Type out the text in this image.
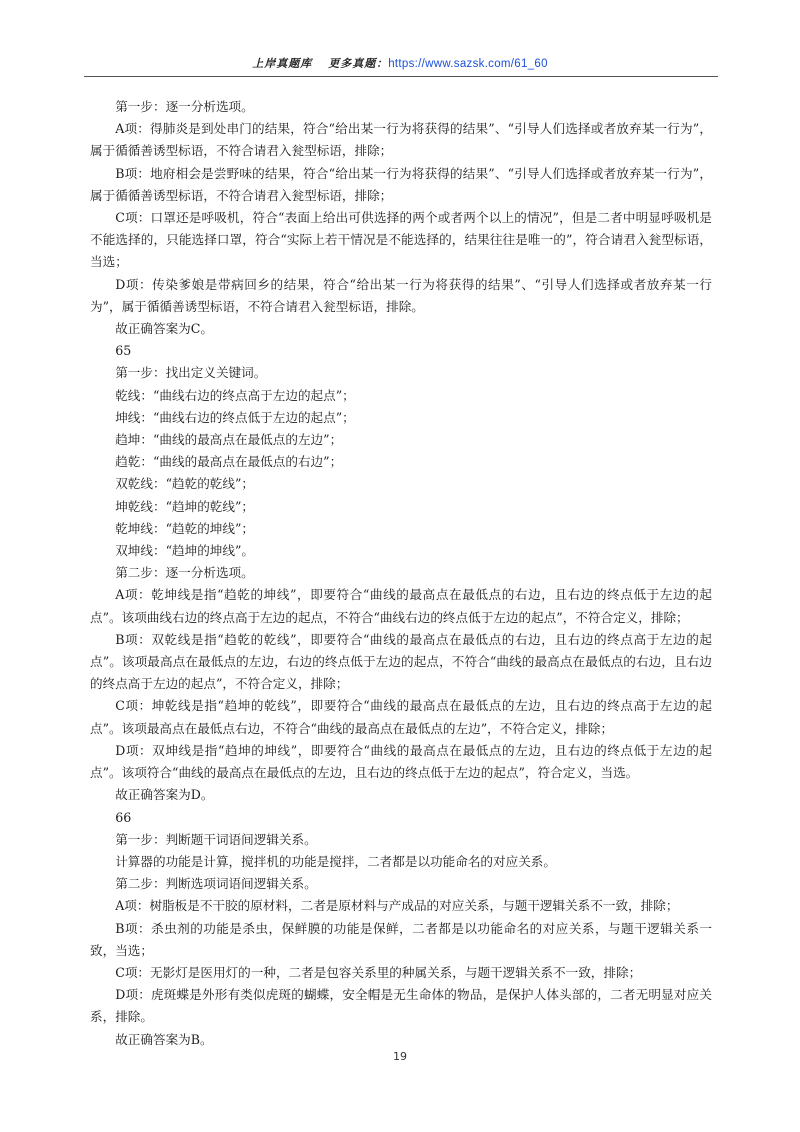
上岸真题库 更多真题：https://www.sazsk.com/61_60

第一步：逐一分析选项。

A项：得肺炎是到处串门的结果，符合“给出某一行为将获得的结果”、“引导人们选择或者放弃某一行为”，属于循循善诱型标语，不符合请君入瓮型标语，排除；

B项：地府相会是尝野味的结果，符合“给出某一行为将获得的结果”、“引导人们选择或者放弃某一行为”，属于循循善诱型标语，不符合请君入瓮型标语，排除；

C项：口罩还是呼吸机，符合“表面上给出可供选择的两个或者两个以上的情况”，但是二者中明显呼吸机是不能选择的，只能选择口罩，符合“实际上若干情况是不能选择的，结果往往是唯一的”，符合请君入瓮型标语，当选；

D项：传染爹娘是带病回乡的结果，符合“给出某一行为将获得的结果”、“引导人们选择或者放弃某一行为”，属于循循善诱型标语，不符合请君入瓮型标语，排除。

故正确答案为C。

65

第一步：找出定义关键词。

乾线：“曲线右边的终点高于左边的起点”；

坤线：“曲线右边的终点低于左边的起点”；

趋坤：“曲线的最高点在最低点的左边”；

趋乾：“曲线的最高点在最低点的右边”；

双乾线：“趋乾的乾线”；

坤乾线：“趋坤的乾线”；

乾坤线：“趋乾的坤线”；

双坤线：“趋坤的坤线”。

第二步：逐一分析选项。

A项：乾坤线是指“趋乾的坤线”，即要符合“曲线的最高点在最低点的右边，且右边的终点低于左边的起点”。该项曲线右边的终点高于左边的起点，不符合“曲线右边的终点低于左边的起点”，不符合定义，排除；

B项：双乾线是指“趋乾的乾线”，即要符合“曲线的最高点在最低点的右边，且右边的终点高于左边的起点”。该项最高点在最低点的左边，右边的终点低于左边的起点，不符合“曲线的最高点在最低点的右边，且右边的终点高于左边的起点”，不符合定义，排除；

C项：坤乾线是指“趋坤的乾线”，即要符合“曲线的最高点在最低点的左边，且右边的终点高于左边的起点”。该项最高点在最低点右边，不符合“曲线的最高点在最低点的左边”，不符合定义，排除；

D项：双坤线是指“趋坤的坤线”，即要符合“曲线的最高点在最低点的左边，且右边的终点低于左边的起点”。该项符合“曲线的最高点在最低点的左边，且右边的终点低于左边的起点”，符合定义，当选。

故正确答案为D。

66

第一步：判断题干词语间逻辑关系。

计算器的功能是计算，搅拌机的功能是搅拌，二者都是以功能命名的对应关系。

第二步：判断选项词语间逻辑关系。

A项：树脂板是不干胶的原材料，二者是原材料与产成品的对应关系，与题干逻辑关系不一致，排除；

B项：杀虫剂的功能是杀虫，保鲜膜的功能是保鲜，二者都是以功能命名的对应关系，与题干逻辑关系一致，当选；

C项：无影灯是医用灯的一种，二者是包容关系里的种属关系，与题干逻辑关系不一致，排除；

D项：虎斑蝶是外形有类似虎斑的蝴蝶，安全帽是无生命体的物品，是保护人体头部的，二者无明显对应关系，排除。

故正确答案为B。

19
